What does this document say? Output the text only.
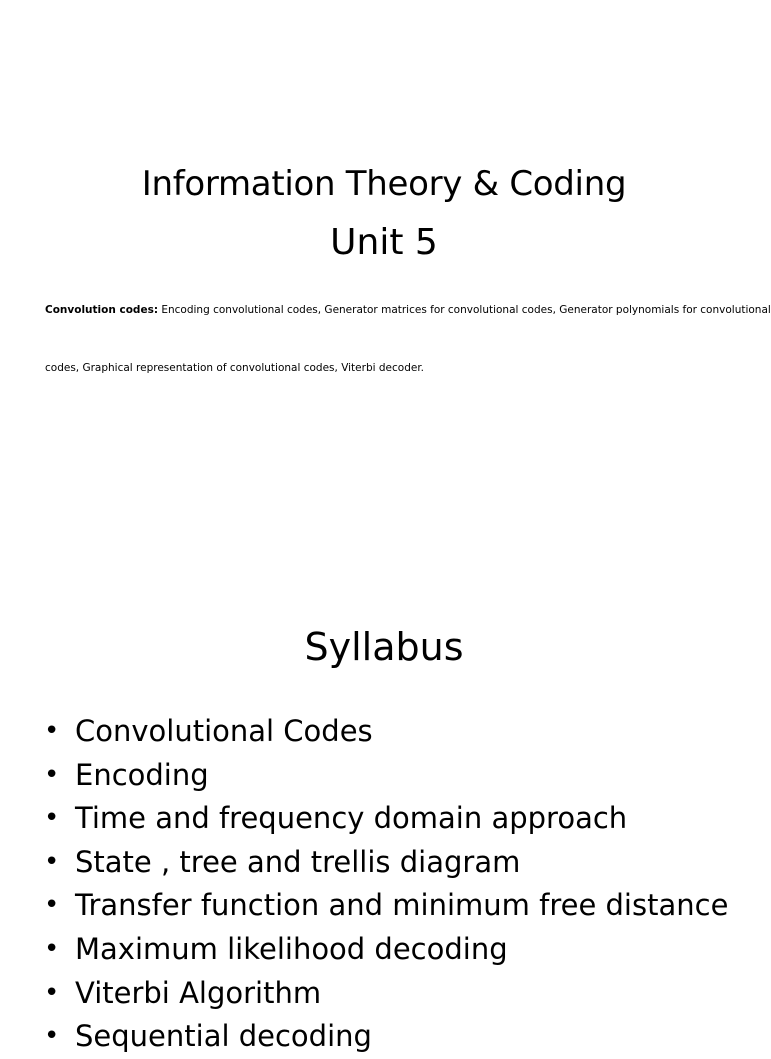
Information Theory & Coding
Unit 5

Convolution codes: Encoding convolutional codes, Generator matrices for convolutional codes, Generator polynomials for convolutional

codes, Graphical representation of convolutional codes, Viterbi decoder.

Syllabus
• Convolutional Codes
• Encoding
• Time and frequency domain approach
• State , tree and trellis diagram
• Transfer function and minimum free distance
• Maximum likelihood decoding
• Viterbi Algorithm
• Sequential decoding
